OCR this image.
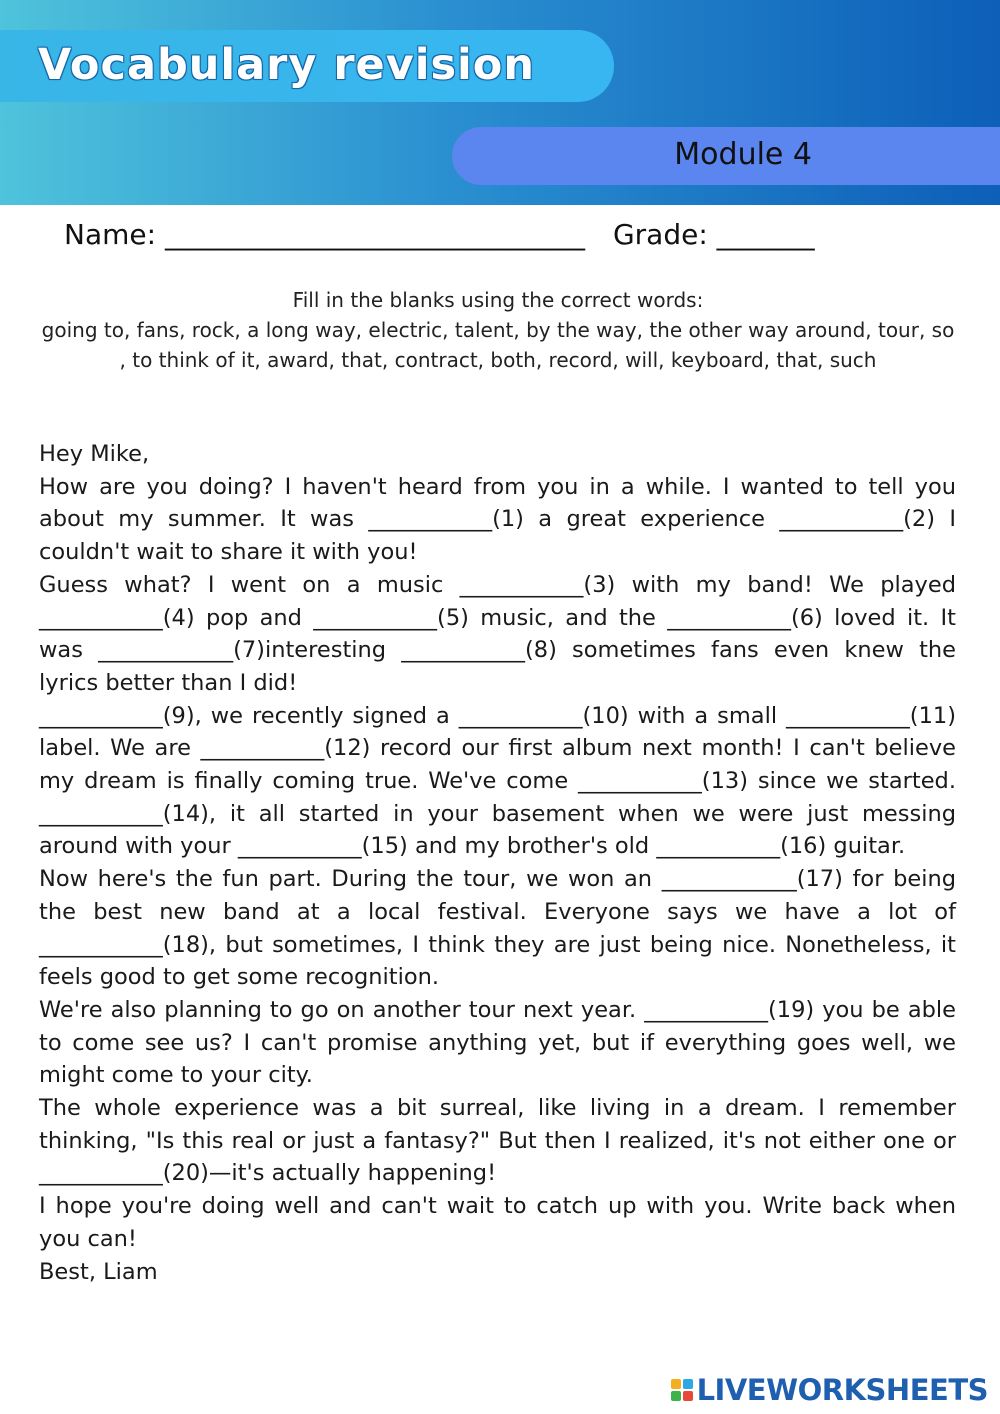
Vocabulary revision
Module 4
Name: ______________________________ Grade: _______
Fill in the blanks using the correct words:
going to, fans, rock, a long way, electric, talent, by the way, the other way around, tour, so , to think of it, award, that, contract, both, record, will, keyboard, that, such

Hey Mike,

How are you doing? I haven't heard from you in a while. I wanted to tell you about my summer. It was ___________(1) a great experience ___________(2) I couldn't wait to share it with you!

Guess what? I went on a music ___________(3) with my band! We played ___________(4) pop and ___________(5) music, and the ___________(6) loved it. It was ____________(7)interesting ___________(8) sometimes fans even knew the lyrics better than I did!

___________(9), we recently signed a ___________(10) with a small ___________(11) label. We are ___________(12) record our first album next month! I can't believe my dream is finally coming true. We've come ___________(13) since we started. ___________(14), it all started in your basement when we were just messing around with your ___________(15) and my brother's old ___________(16) guitar.

Now here's the fun part. During the tour, we won an ____________(17) for being the best new band at a local festival. Everyone says we have a lot of ___________(18), but sometimes, I think they are just being nice. Nonetheless, it feels good to get some recognition.

We're also planning to go on another tour next year. ___________(19) you be able to come see us? I can't promise anything yet, but if everything goes well, we might come to your city.

The whole experience was a bit surreal, like living in a dream. I remember thinking, "Is this real or just a fantasy?" But then I realized, it's not either one or ___________(20)—it's actually happening!

I hope you're doing well and can't wait to catch up with you. Write back when you can!

Best, Liam

LIVEWORKSHEETS
